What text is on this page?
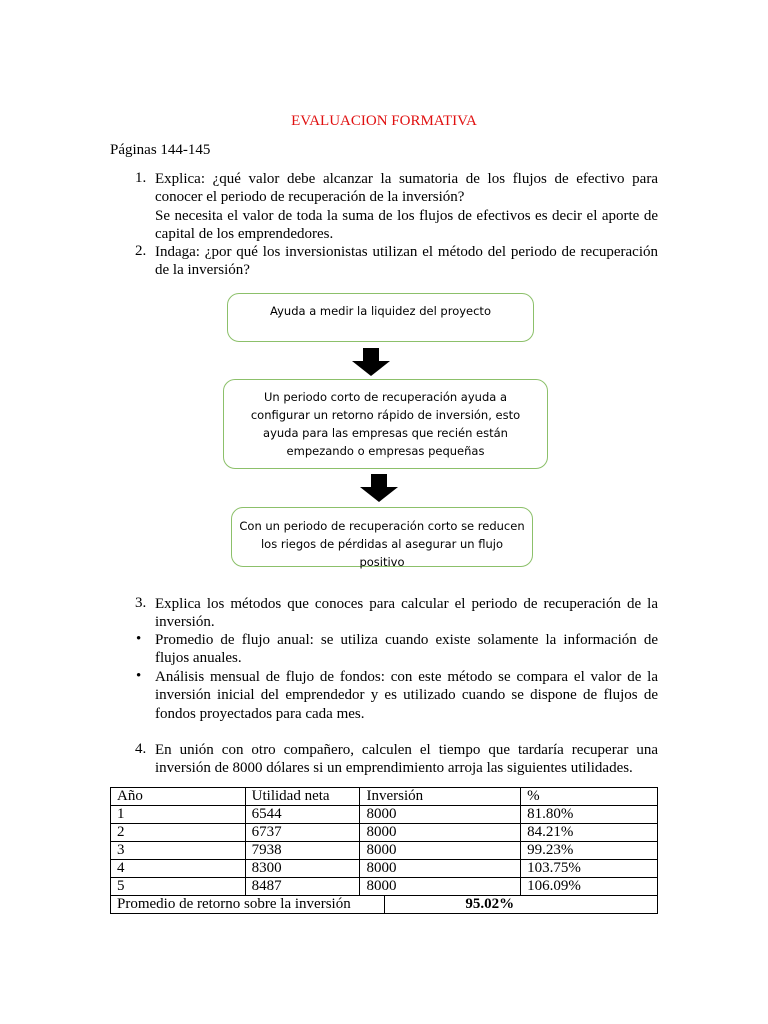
EVALUACION FORMATIVA
Páginas 144-145
1. Explica: ¿qué valor debe alcanzar la sumatoria de los flujos de efectivo para conocer el periodo de recuperación de la inversión?
Se necesita el valor de toda la suma de los flujos de efectivos es decir el aporte de capital de los emprendedores.
2. Indaga: ¿por qué los inversionistas utilizan el método del periodo de recuperación de la inversión?
Ayuda a medir la liquidez del proyecto
Un periodo corto de recuperación ayuda a configurar un retorno rápido de inversión, esto ayuda para las empresas que recién están empezando o empresas pequeñas
Con un periodo de recuperación corto se reducen los riegos de pérdidas al asegurar un flujo positivo
3. Explica los métodos que conoces para calcular el periodo de recuperación de la inversión.
• Promedio de flujo anual: se utiliza cuando existe solamente la información de flujos anuales.
• Análisis mensual de flujo de fondos: con este método se compara el valor de la inversión inicial del emprendedor y es utilizado cuando se dispone de flujos de fondos proyectados para cada mes.
4. En unión con otro compañero, calculen el tiempo que tardaría recuperar una inversión de 8000 dólares si un emprendimiento arroja las siguientes utilidades.
Año	Utilidad neta	Inversión		%
1	6544	8000		81.80%
2	6737	8000		84.21%
3	7938	8000		99.23%
4	8300	8000		103.75%
5	8487	8000		106.09%
Promedio de retorno sobre la inversión			95.02%	
